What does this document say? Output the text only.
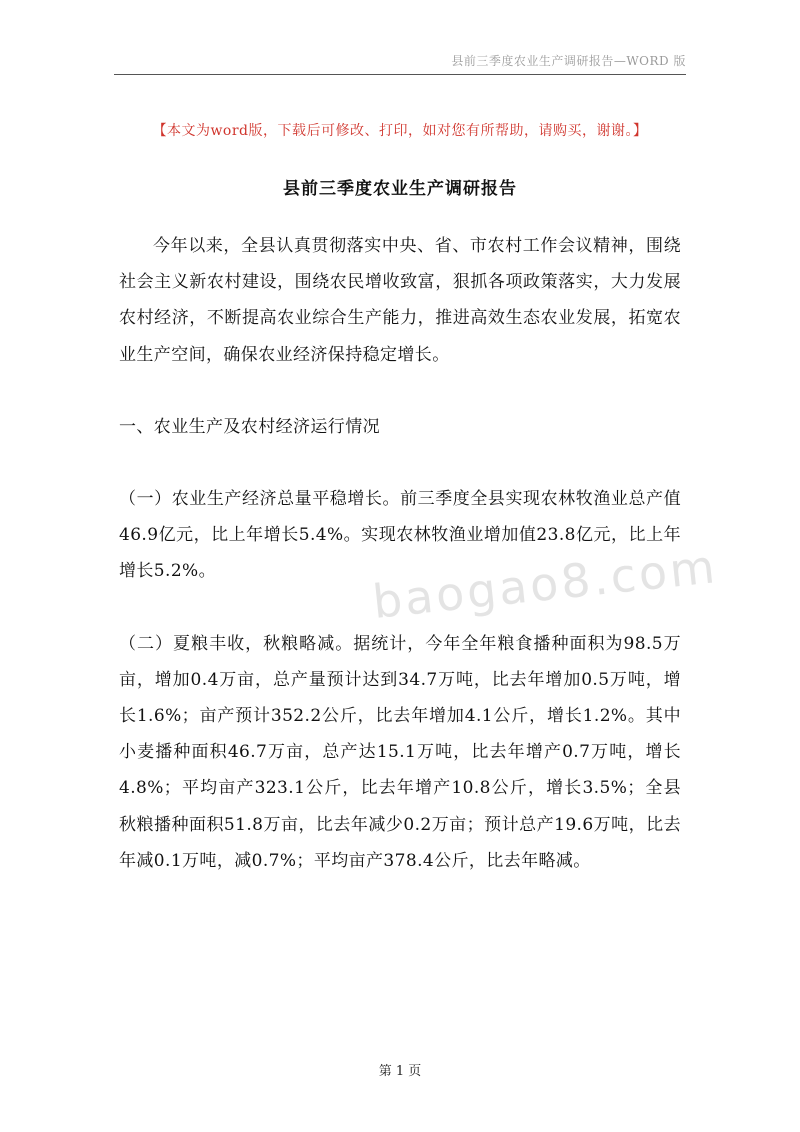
县前三季度农业生产调研报告—WORD 版
【本文为word版，下载后可修改、打印，如对您有所帮助，请购买，谢谢。】
县前三季度农业生产调研报告

今年以来，全县认真贯彻落实中央、省、市农村工作会议精神，围绕社会主义新农村建设，围绕农民增收致富，狠抓各项政策落实，大力发展农村经济，不断提高农业综合生产能力，推进高效生态农业发展，拓宽农业生产空间，确保农业经济保持稳定增长。

一、农业生产及农村经济运行情况

（一）农业生产经济总量平稳增长。前三季度全县实现农林牧渔业总产值46.9亿元，比上年增长5.4%。实现农林牧渔业增加值23.8亿元，比上年增长5.2%。

（二）夏粮丰收，秋粮略减。据统计，今年全年粮食播种面积为98.5万亩，增加0.4万亩，总产量预计达到34.7万吨，比去年增加0.5万吨，增长1.6%；亩产预计352.2公斤，比去年增加4.1公斤，增长1.2%。其中小麦播种面积46.7万亩，总产达15.1万吨，比去年增产0.7万吨，增长4.8%；平均亩产323.1公斤，比去年增产10.8公斤，增长3.5%；全县秋粮播种面积51.8万亩，比去年减少0.2万亩；预计总产19.6万吨，比去年减0.1万吨，减0.7%；平均亩产378.4公斤，比去年略减。

baogao8.com
第 1 页
